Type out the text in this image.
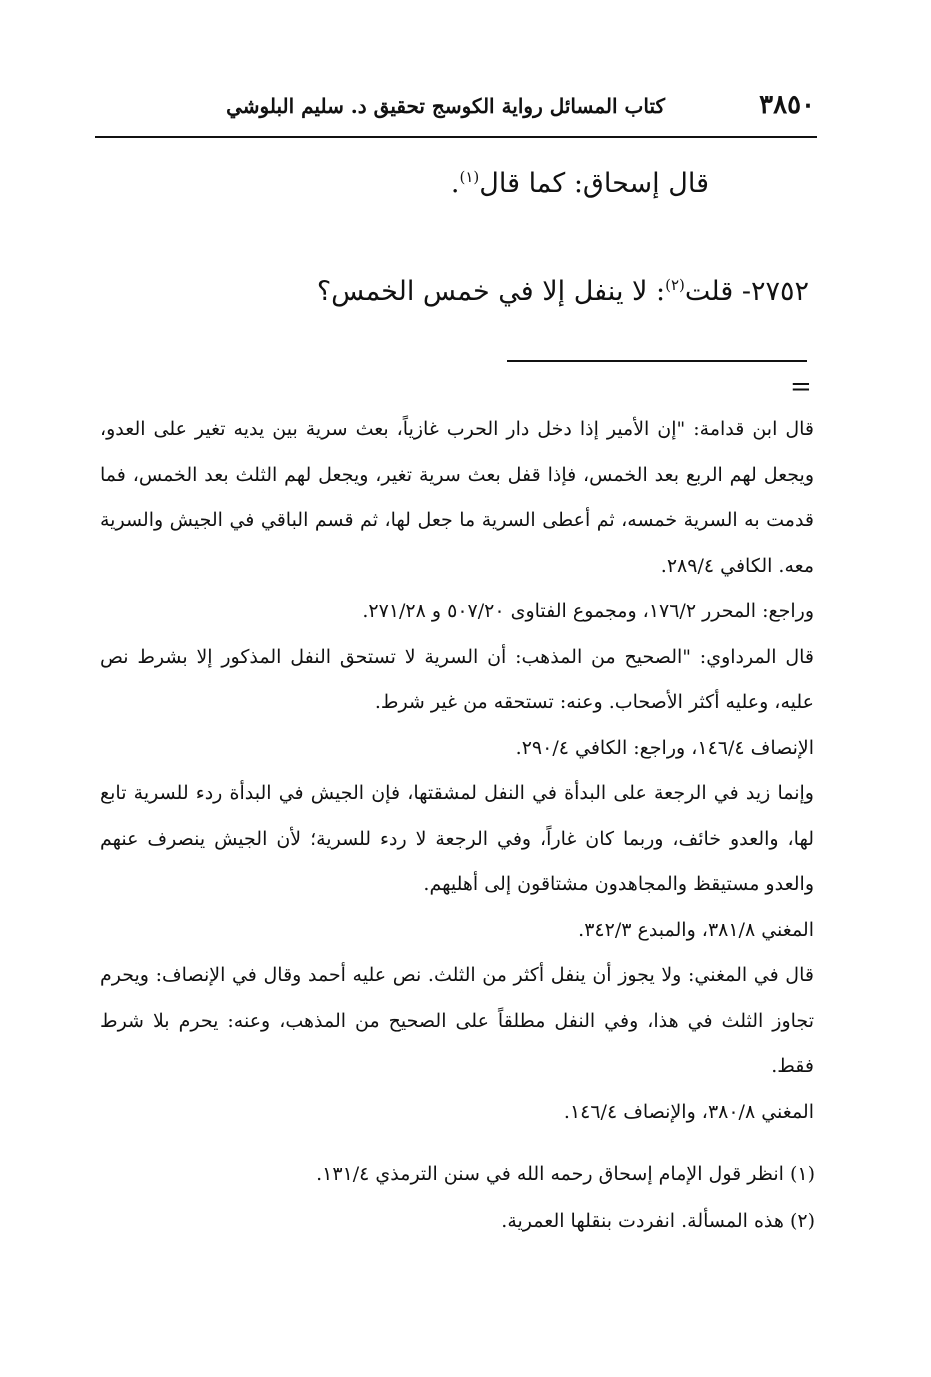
٣٨٥٠
كتاب المسائل رواية الكوسج تحقيق د. سليم البلوشي
قال إسحاق: كما قال$^{(١)}$.
٢٧٥٢- قلت$^{(٢)}$: لا ينفل إلا في خمس الخمس؟
=

قال ابن قدامة: "إن الأمير إذا دخل دار الحرب غازياً، بعث سرية بين يديه تغير على العدو، ويجعل لهم الربع بعد الخمس، فإذا قفل بعث سرية تغير، ويجعل لهم الثلث بعد الخمس، فما قدمت به السرية خمسه، ثم أعطى السرية ما جعل لها، ثم قسم الباقي في الجيش والسرية معه. الكافي ٢٨٩/٤.

وراجع: المحرر ١٧٦/٢، ومجموع الفتاوى ٥٠٧/٢٠ و ٢٧١/٢٨.

قال المرداوي: "الصحيح من المذهب: أن السرية لا تستحق النفل المذكور إلا بشرط نص عليه، وعليه أكثر الأصحاب. وعنه: تستحقه من غير شرط.

الإنصاف ١٤٦/٤، وراجع: الكافي ٢٩٠/٤.

وإنما زيد في الرجعة على البدأة في النفل لمشقتها، فإن الجيش في البدأة ردء للسرية تابع لها، والعدو خائف، وربما كان غاراً، وفي الرجعة لا ردء للسرية؛ لأن الجيش ينصرف عنهم والعدو مستيقظ والمجاهدون مشتاقون إلى أهليهم.

المغني ٣٨١/٨، والمبدع ٣٤٢/٣.

قال في المغني: ولا يجوز أن ينفل أكثر من الثلث. نص عليه أحمد وقال في الإنصاف: ويحرم تجاوز الثلث في هذا، وفي النفل مطلقاً على الصحيح من المذهب، وعنه: يحرم بلا شرط فقط.

المغني ٣٨٠/٨، والإنصاف ١٤٦/٤.

(١) انظر قول الإمام إسحاق رحمه الله في سنن الترمذي ١٣١/٤.
(٢) هذه المسألة. انفردت بنقلها العمرية.
